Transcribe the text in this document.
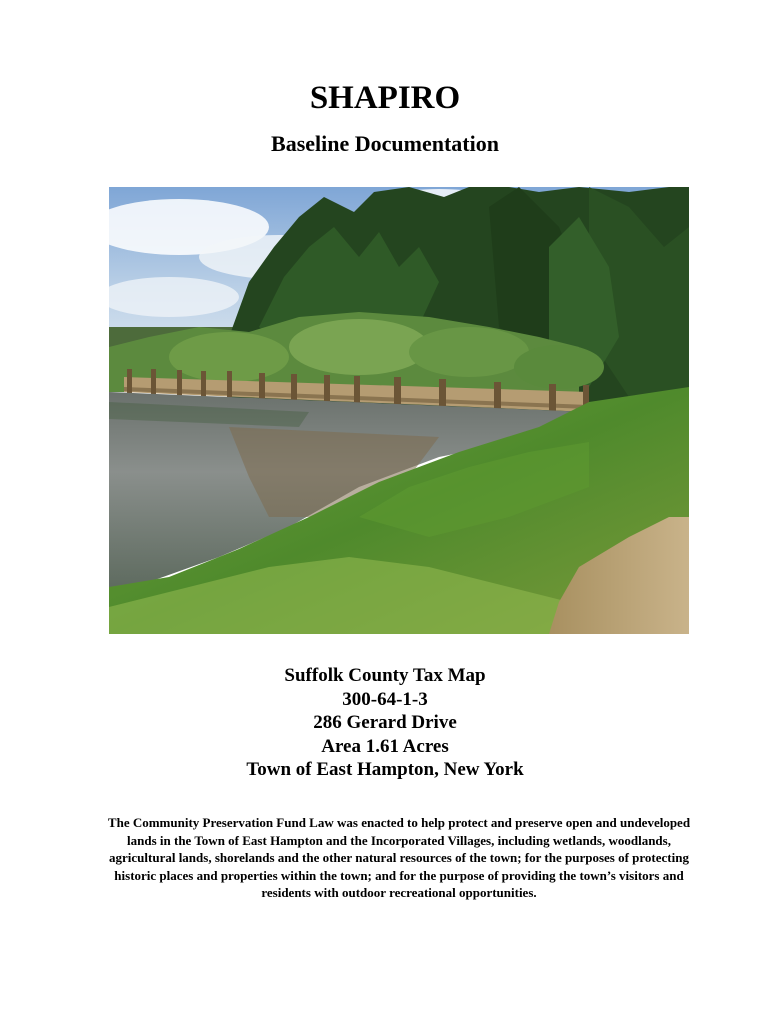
SHAPIRO
Baseline Documentation
Suffolk County Tax Map
300-64-1-3
286 Gerard Drive
Area 1.61 Acres
Town of East Hampton, New York

The Community Preservation Fund Law was enacted to help protect and preserve open and undeveloped lands in the Town of East Hampton and the Incorporated Villages, including wetlands, woodlands, agricultural lands, shorelands and the other natural resources of the town; for the purposes of protecting historic places and properties within the town; and for the purpose of providing the town’s visitors and residents with outdoor recreational opportunities.
